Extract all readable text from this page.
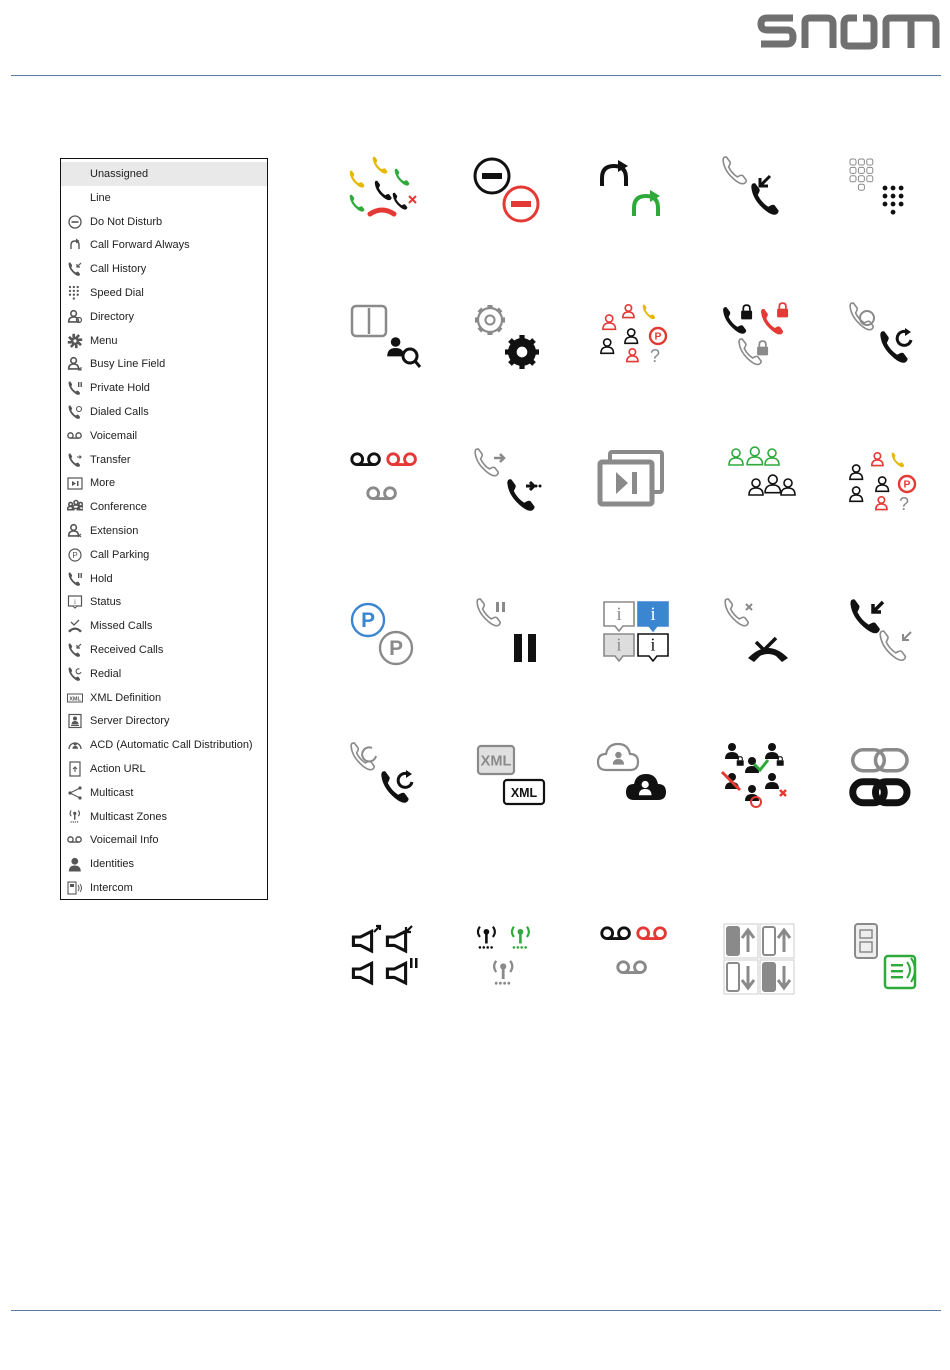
Unassigned
Line
Do Not Disturb
Call Forward Always
Call History
Speed Dial
Directory
Menu
Busy Line Field
Private Hold
Dialed Calls
Voicemail
Transfer
More
Conference
Extension
P Call Parking
Hold
i Status
Missed Calls
Received Calls
Redial
XML XML Definition
Server Directory
ACD (Automatic Call Distribution)
Action URL
Multicast
Multicast Zones
Voicemail Info
Identities
Intercom
P
?
P
?
P
P
i i
i i
XML
XML
